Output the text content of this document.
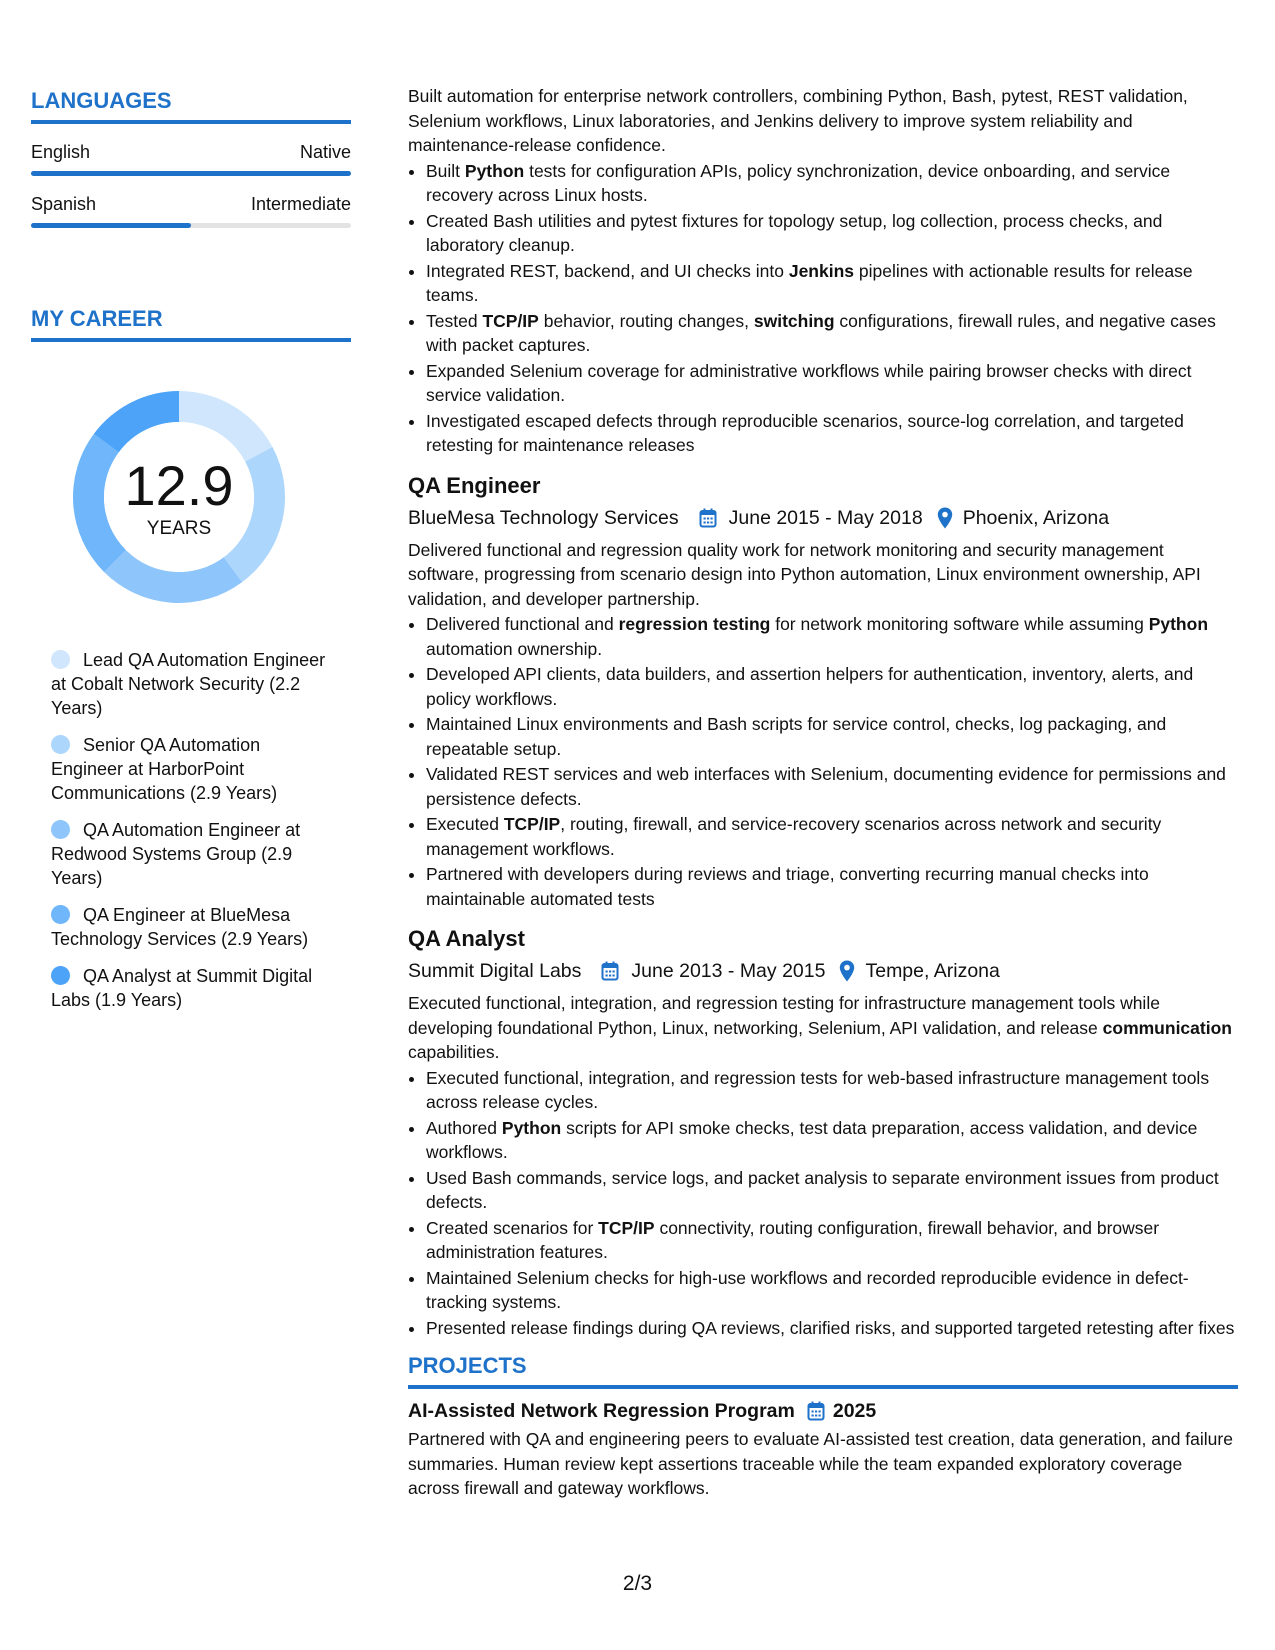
LANGUAGES
English	Native
Spanish	Intermediate
MY CAREER
12.9
YEARS
Lead QA Automation Engineer at Cobalt Network Security (2.2 Years)
Senior QA Automation Engineer at HarborPoint Communications (2.9 Years)
QA Automation Engineer at Redwood Systems Group (2.9 Years)
QA Engineer at BlueMesa Technology Services (2.9 Years)
QA Analyst at Summit Digital Labs (1.9 Years)

Built automation for enterprise network controllers, combining Python, Bash, pytest, REST validation, Selenium workflows, Linux laboratories, and Jenkins delivery to improve system reliability and maintenance-release confidence.

• Built Python tests for configuration APIs, policy synchronization, device onboarding, and service recovery across Linux hosts.
• Created Bash utilities and pytest fixtures for topology setup, log collection, process checks, and laboratory cleanup.
• Integrated REST, backend, and UI checks into Jenkins pipelines with actionable results for release teams.
• Tested TCP/IP behavior, routing changes, switching configurations, firewall rules, and negative cases with packet captures.
• Expanded Selenium coverage for administrative workflows while pairing browser checks with direct service validation.
• Investigated escaped defects through reproducible scenarios, source-log correlation, and targeted retesting for maintenance releases
QA Engineer
BlueMesa Technology Services	June 2015 - May 2018 Phoenix, Arizona

Delivered functional and regression quality work for network monitoring and security management software, progressing from scenario design into Python automation, Linux environment ownership, API validation, and developer partnership.

• Delivered functional and regression testing for network monitoring software while assuming Python automation ownership.
• Developed API clients, data builders, and assertion helpers for authentication, inventory, alerts, and policy workflows.
• Maintained Linux environments and Bash scripts for service control, checks, log packaging, and repeatable setup.
• Validated REST services and web interfaces with Selenium, documenting evidence for permissions and persistence defects.
• Executed TCP/IP, routing, firewall, and service-recovery scenarios across network and security management workflows.
• Partnered with developers during reviews and triage, converting recurring manual checks into maintainable automated tests
QA Analyst
Summit Digital Labs	June 2013 - May 2015 Tempe, Arizona

Executed functional, integration, and regression testing for infrastructure management tools while developing foundational Python, Linux, networking, Selenium, API validation, and release communication capabilities.

• Executed functional, integration, and regression tests for web-based infrastructure management tools across release cycles.
• Authored Python scripts for API smoke checks, test data preparation, access validation, and device workflows.
• Used Bash commands, service logs, and packet analysis to separate environment issues from product defects.
• Created scenarios for TCP/IP connectivity, routing configuration, firewall behavior, and browser administration features.
• Maintained Selenium checks for high-use workflows and recorded reproducible evidence in defect-tracking systems.
• Presented release findings during QA reviews, clarified risks, and supported targeted retesting after fixes
PROJECTS
AI-Assisted Network Regression Program 2025

Partnered with QA and engineering peers to evaluate AI-assisted test creation, data generation, and failure summaries. Human review kept assertions traceable while the team expanded exploratory coverage across firewall and gateway workflows.

2/3
